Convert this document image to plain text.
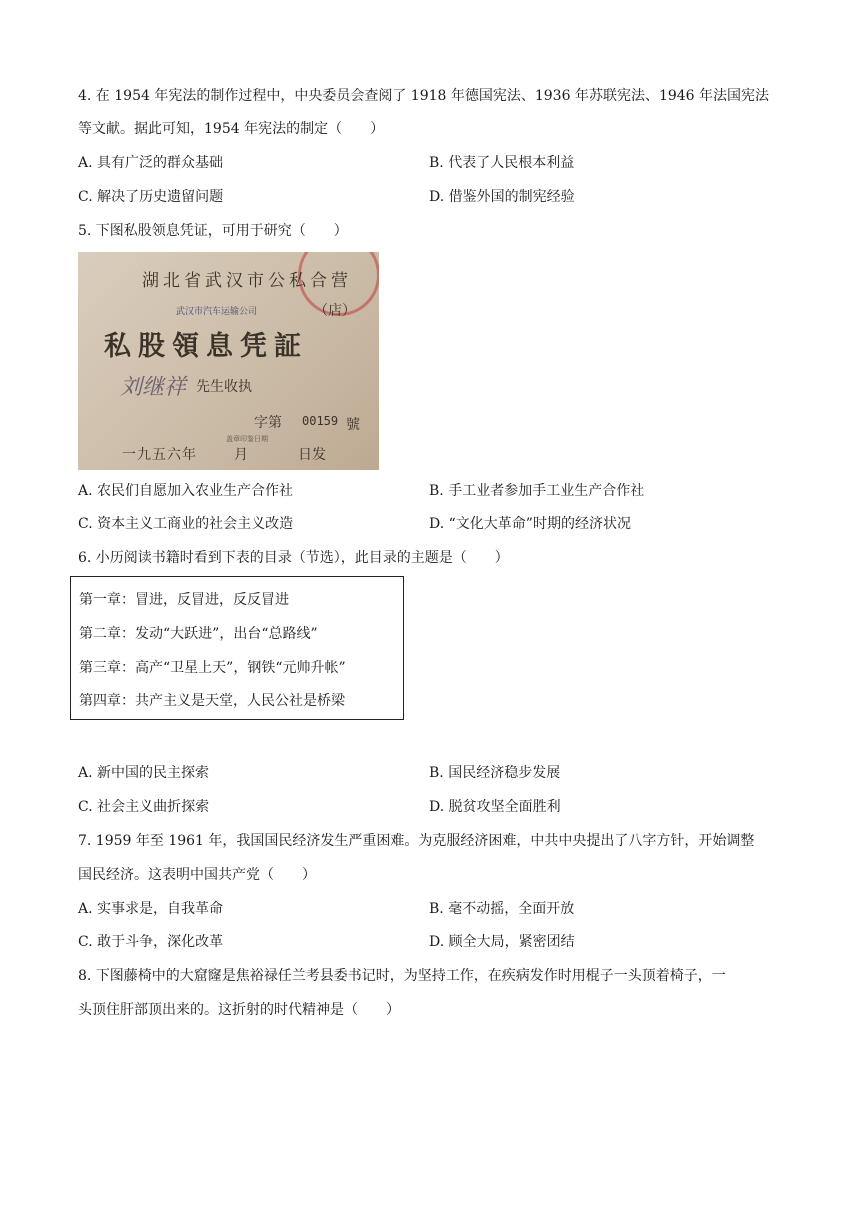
4. 在 1954 年宪法的制作过程中，中央委员会查阅了 1918 年德国宪法、1936 年苏联宪法、1946 年法国宪法
等文献。据此可知，1954 年宪法的制定（　　）
A. 具有广泛的群众基础	B. 代表了人民根本利益
C. 解决了历史遗留问题	D. 借鉴外国的制宪经验
5. 下图私股领息凭证，可用于研究（　　）
湖北省武汉市公私合营
（店）
武汉市汽车运输公司
私股領息凭証
刘继祥 先生收执
字第 00159 號
盖章印鉴日期
一九五六年	月	日发
A. 农民们自愿加入农业生产合作社	B. 手工业者参加手工业生产合作社
C. 资本主义工商业的社会主义改造	D. “文化大革命”时期的经济状况
6. 小历阅读书籍时看到下表的目录（节选），此目录的主题是（　　）
第一章：冒进，反冒进，反反冒进
第二章：发动“大跃进”，出台“总路线”
第三章：高产“卫星上天”，钢铁“元帅升帐”
第四章：共产主义是天堂，人民公社是桥梁
A. 新中国的民主探索	B. 国民经济稳步发展
C. 社会主义曲折探索	D. 脱贫攻坚全面胜利
7. 1959 年至 1961 年，我国国民经济发生严重困难。为克服经济困难，中共中央提出了八字方针，开始调整
国民经济。这表明中国共产党（　　）
A. 实事求是，自我革命	B. 毫不动摇，全面开放
C. 敢于斗争，深化改革	D. 顾全大局，紧密团结
8. 下图藤椅中的大窟窿是焦裕禄任兰考县委书记时，为坚持工作，在疾病发作时用棍子一头顶着椅子，一
头顶住肝部顶出来的。这折射的时代精神是（　　）
